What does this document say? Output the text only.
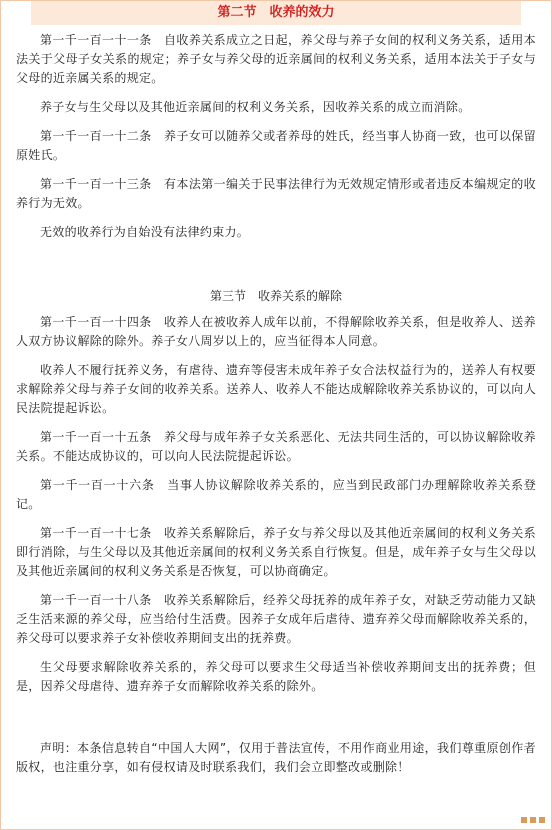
第二节　收养的效力

第一千一百一十一条　自收养关系成立之日起，养父母与养子女间的权利义务关系，适用本法关于父母子女关系的规定；养子女与养父母的近亲属间的权利义务关系，适用本法关于子女与父母的近亲属关系的规定。

养子女与生父母以及其他近亲属间的权利义务关系，因收养关系的成立而消除。

第一千一百一十二条　养子女可以随养父或者养母的姓氏，经当事人协商一致，也可以保留原姓氏。

第一千一百一十三条　有本法第一编关于民事法律行为无效规定情形或者违反本编规定的收养行为无效。

无效的收养行为自始没有法律约束力。

第三节　收养关系的解除

第一千一百一十四条　收养人在被收养人成年以前，不得解除收养关系，但是收养人、送养人双方协议解除的除外。养子女八周岁以上的，应当征得本人同意。

收养人不履行抚养义务，有虐待、遗弃等侵害未成年养子女合法权益行为的，送养人有权要求解除养父母与养子女间的收养关系。送养人、收养人不能达成解除收养关系协议的，可以向人民法院提起诉讼。

第一千一百一十五条　养父母与成年养子女关系恶化、无法共同生活的，可以协议解除收养关系。不能达成协议的，可以向人民法院提起诉讼。

第一千一百一十六条　当事人协议解除收养关系的，应当到民政部门办理解除收养关系登记。

第一千一百一十七条　收养关系解除后，养子女与养父母以及其他近亲属间的权利义务关系即行消除，与生父母以及其他近亲属间的权利义务关系自行恢复。但是，成年养子女与生父母以及其他近亲属间的权利义务关系是否恢复，可以协商确定。

第一千一百一十八条　收养关系解除后，经养父母抚养的成年养子女，对缺乏劳动能力又缺乏生活来源的养父母，应当给付生活费。因养子女成年后虐待、遗弃养父母而解除收养关系的，养父母可以要求养子女补偿收养期间支出的抚养费。

生父母要求解除收养关系的，养父母可以要求生父母适当补偿收养期间支出的抚养费；但是，因养父母虐待、遗弃养子女而解除收养关系的除外。

声明：本条信息转自“中国人大网”，仅用于普法宣传，不用作商业用途，我们尊重原创作者版权，也注重分享，如有侵权请及时联系我们，我们会立即整改或删除！
